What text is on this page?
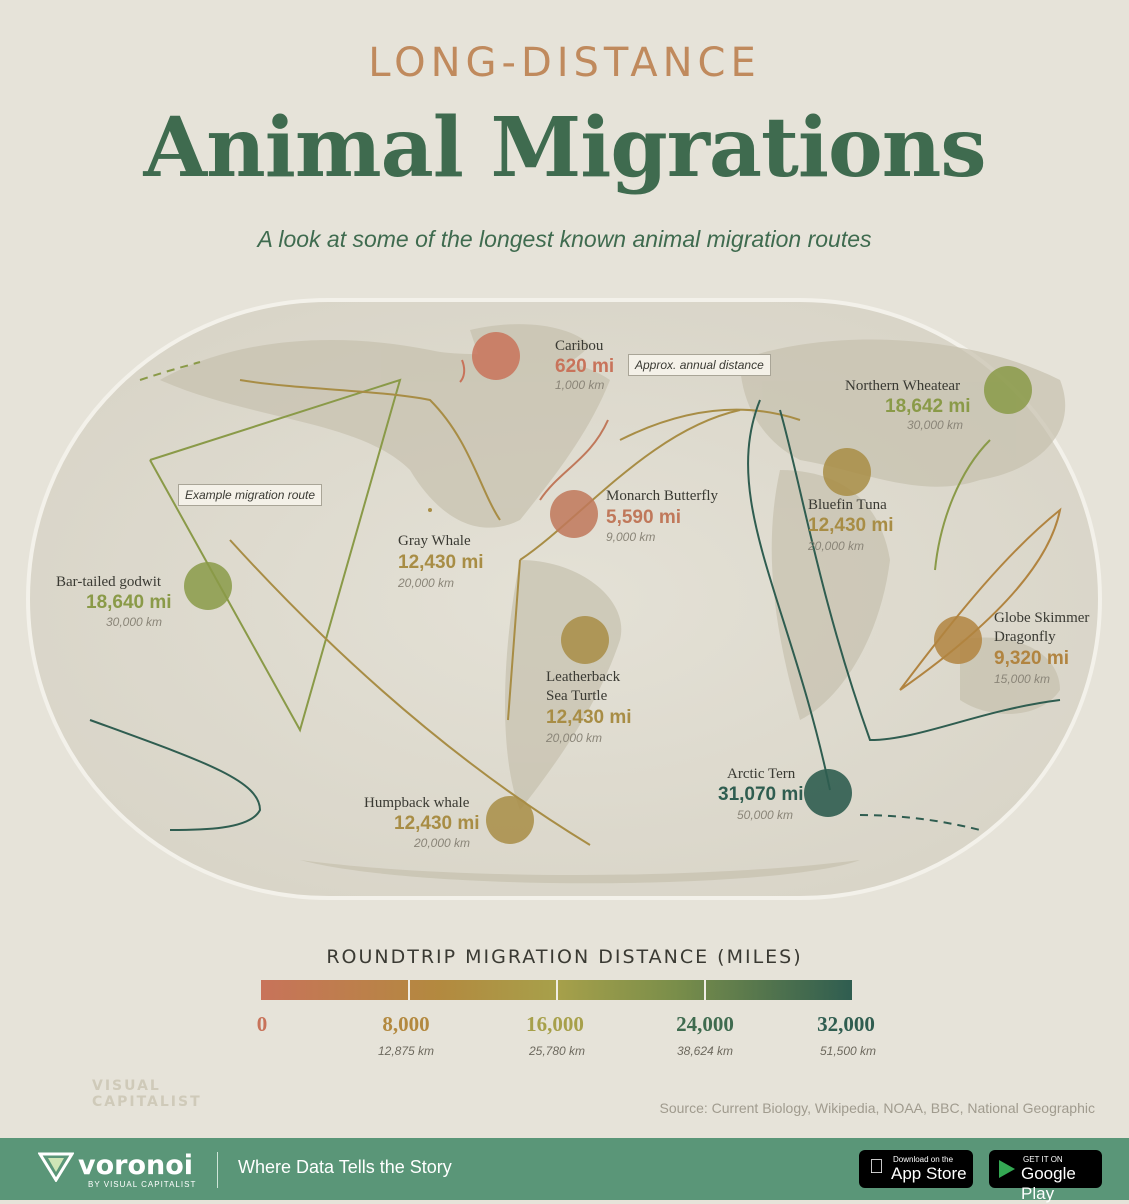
LONG-DISTANCE
Animal Migrations
A look at some of the longest known animal migration routes
Approx. annual distance
Example migration route
Caribou
620 mi
1,000 km
Monarch Butterfly
5,590 mi
9,000 km
Gray Whale
12,430 mi
20,000 km
Bluefin Tuna
12,430 mi
20,000 km
Northern Wheatear
18,642 mi
30,000 km
Bar-tailed godwit
18,640 mi
30,000 km
Leatherback
Sea Turtle
12,430 mi
20,000 km
Globe Skimmer
Dragonfly
9,320 mi
15,000 km
Arctic Tern
31,070 mi
50,000 km
Humpback whale
12,430 mi
20,000 km
ROUNDTRIP MIGRATION DISTANCE (MILES)
0	8,000	16,000	24,000	32,000
12,875 km	25,780 km	38,624 km	51,500 km
VISUAL
CAPITALIST	Source: Current Biology, Wikipedia, NOAA, BBC, National Geographic
voronoi
BY VISUAL CAPITALIST
Where Data Tells the Story	Download on the
App Store
GET IT ON
Google Play
